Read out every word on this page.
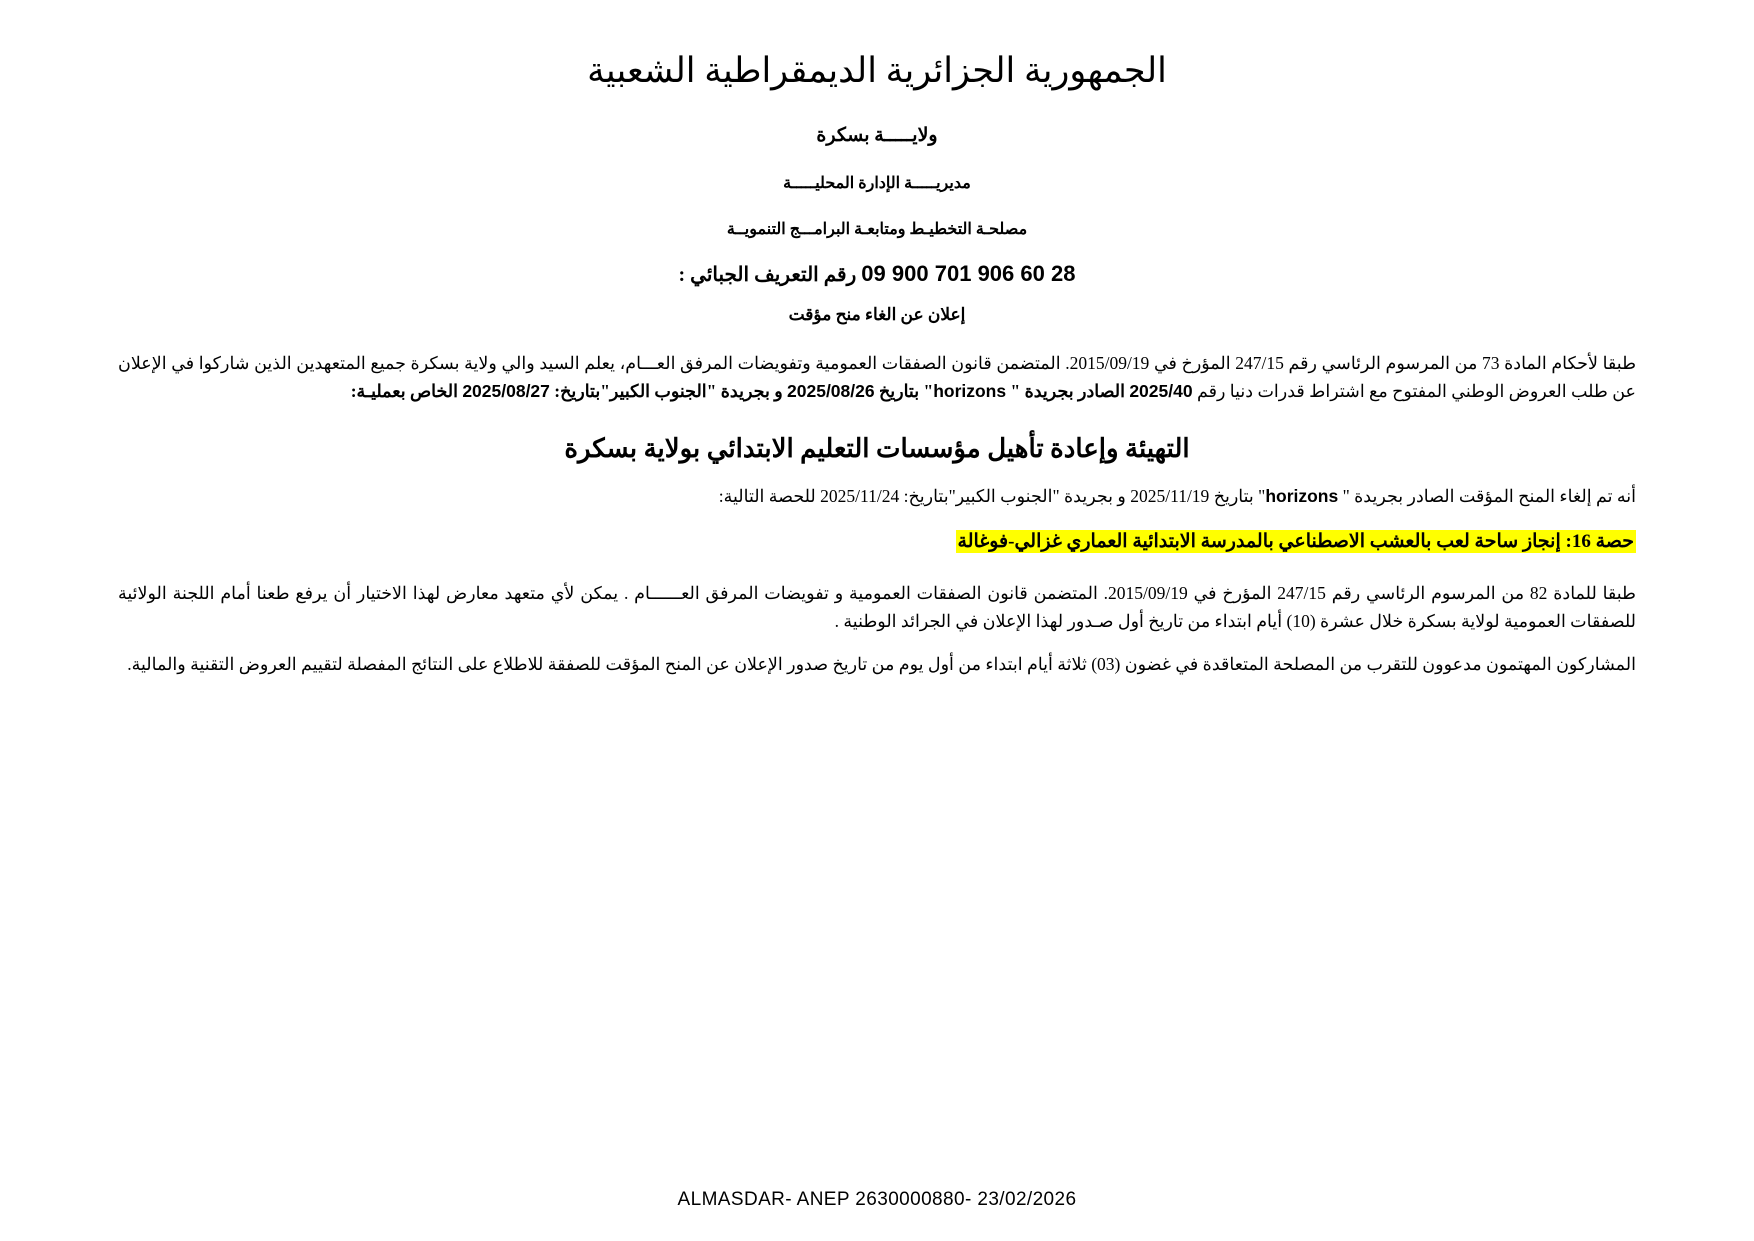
الجمهورية الجزائرية الديمقراطية الشعبية
ولايـــــة بسكرة
مديريـــــة الإدارة المحليـــــة
مصلحـة التخطيـط ومتابعـة البرامـــج التنمويــة
28 60 906 701 900 09 رقم التعريف الجبائي :
إعلان عن الغاء منح مؤقت
طبقا لأحكام المادة 73 من المرسوم الرئاسي رقم 247/15 المؤرخ في 2015/09/19. المتضمن قانون الصفقات العمومية وتفويضات المرفق العـــام، يعلم السيد والي ولاية بسكرة جميع المتعهدين الذين شاركوا في الإعلان عن طلب العروض الوطني المفتوح مع اشتراط قدرات دنيا رقم 2025/40 الصادر بجريدة " horizons" بتاريخ 2025/08/26 و بجريدة "الجنوب الكبير"بتاريخ: 2025/08/27 الخاص بعمليـة:
التهيئة وإعادة تأهيل مؤسسات التعليم الابتدائي بولاية بسكرة
أنه تم إلغاء المنح المؤقت الصادر بجريدة " horizons" بتاريخ 2025/11/19 و بجريدة "الجنوب الكبير"بتاريخ: 2025/11/24 للحصة التالية:
حصة 16: إنجاز ساحة لعب بالعشب الاصطناعي بالمدرسة الابتدائية العماري غزالي-فوغالة
طبقا للمادة 82 من المرسوم الرئاسي رقم 247/15 المؤرخ في 2015/09/19. المتضمن قانون الصفقات العمومية و تفويضات المرفق العــــــام . يمكن لأي متعهد معارض لهذا الاختيار أن يرفع طعنا أمام اللجنة الولائية للصفقات العمومية لولاية بسكرة خلال عشرة (10) أيام ابتداء من تاريخ أول صـدور لهذا الإعلان في الجرائد الوطنية .
المشاركون المهتمون مدعوون للتقرب من المصلحة المتعاقدة في غضون (03) ثلاثة أيام ابتداء من أول يوم من تاريخ صدور الإعلان عن المنح المؤقت للصفقة للاطلاع على النتائج المفصلة لتقييم العروض التقنية والمالية.
ALMASDAR- ANEP 2630000880- 23/02/2026
